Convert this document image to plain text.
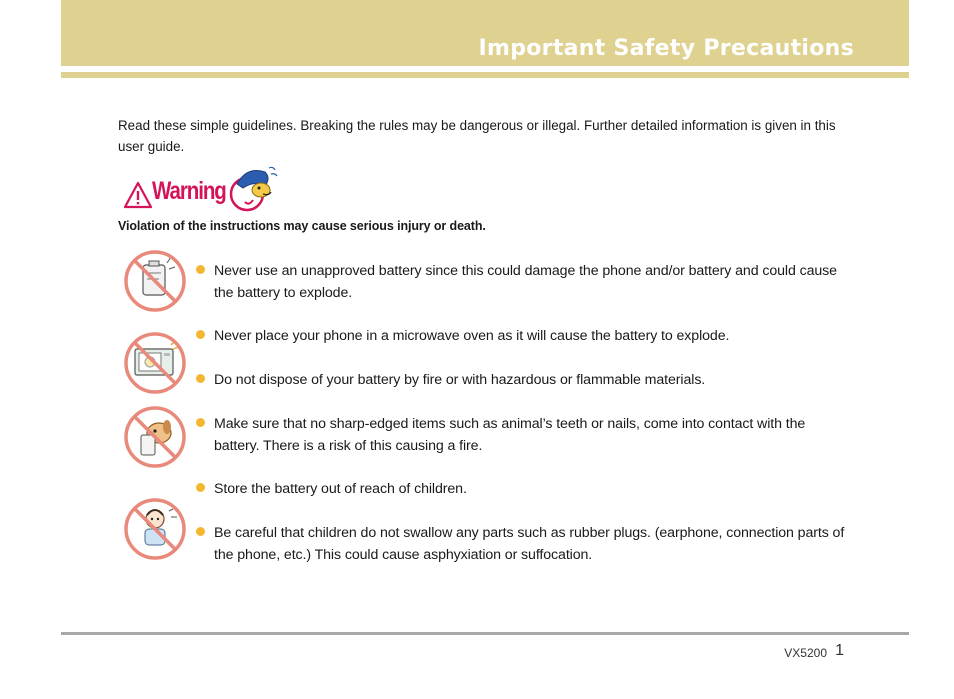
Important Safety Precautions

Read these simple guidelines. Breaking the rules may be dangerous or illegal. Further detailed information is given in this user guide.

Warning

Violation of the instructions may cause serious injury or death.

Never use an unapproved battery since this could damage the phone and/or battery and could cause the battery to explode.
Never place your phone in a microwave oven as it will cause the battery to explode.
Do not dispose of your battery by fire or with hazardous or flammable materials.
Make sure that no sharp-edged items such as animal’s teeth or nails, come into contact with the battery. There is a risk of this causing a fire.
Store the battery out of reach of children.
Be careful that children do not swallow any parts such as rubber plugs. (earphone, connection parts of the phone, etc.) This could cause asphyxiation or suffocation.
VX5200 1
